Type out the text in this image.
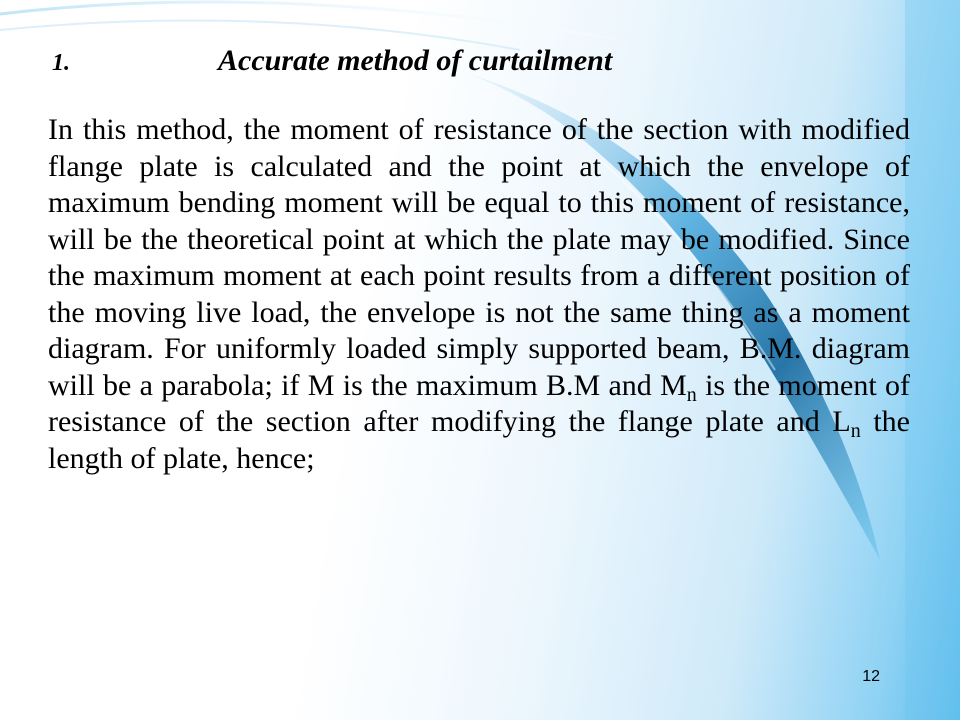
1.	Accurate method of curtailment

In this method, the moment of resistance of the section with modified flange plate is calculated and the point at which the envelope of maximum bending moment will be equal to this moment of resistance, will be the theoretical point at which the plate may be modified. Since the maximum moment at each point results from a different position of the moving live load, the envelope is not the same thing as a moment diagram. For uniformly loaded simply supported beam, B.M. diagram will be a parabola; if M is the maximum B.M and $M_n$ is the moment of resistance of the section after modifying the flange plate and $L_n$ the length of plate, hence;

12
